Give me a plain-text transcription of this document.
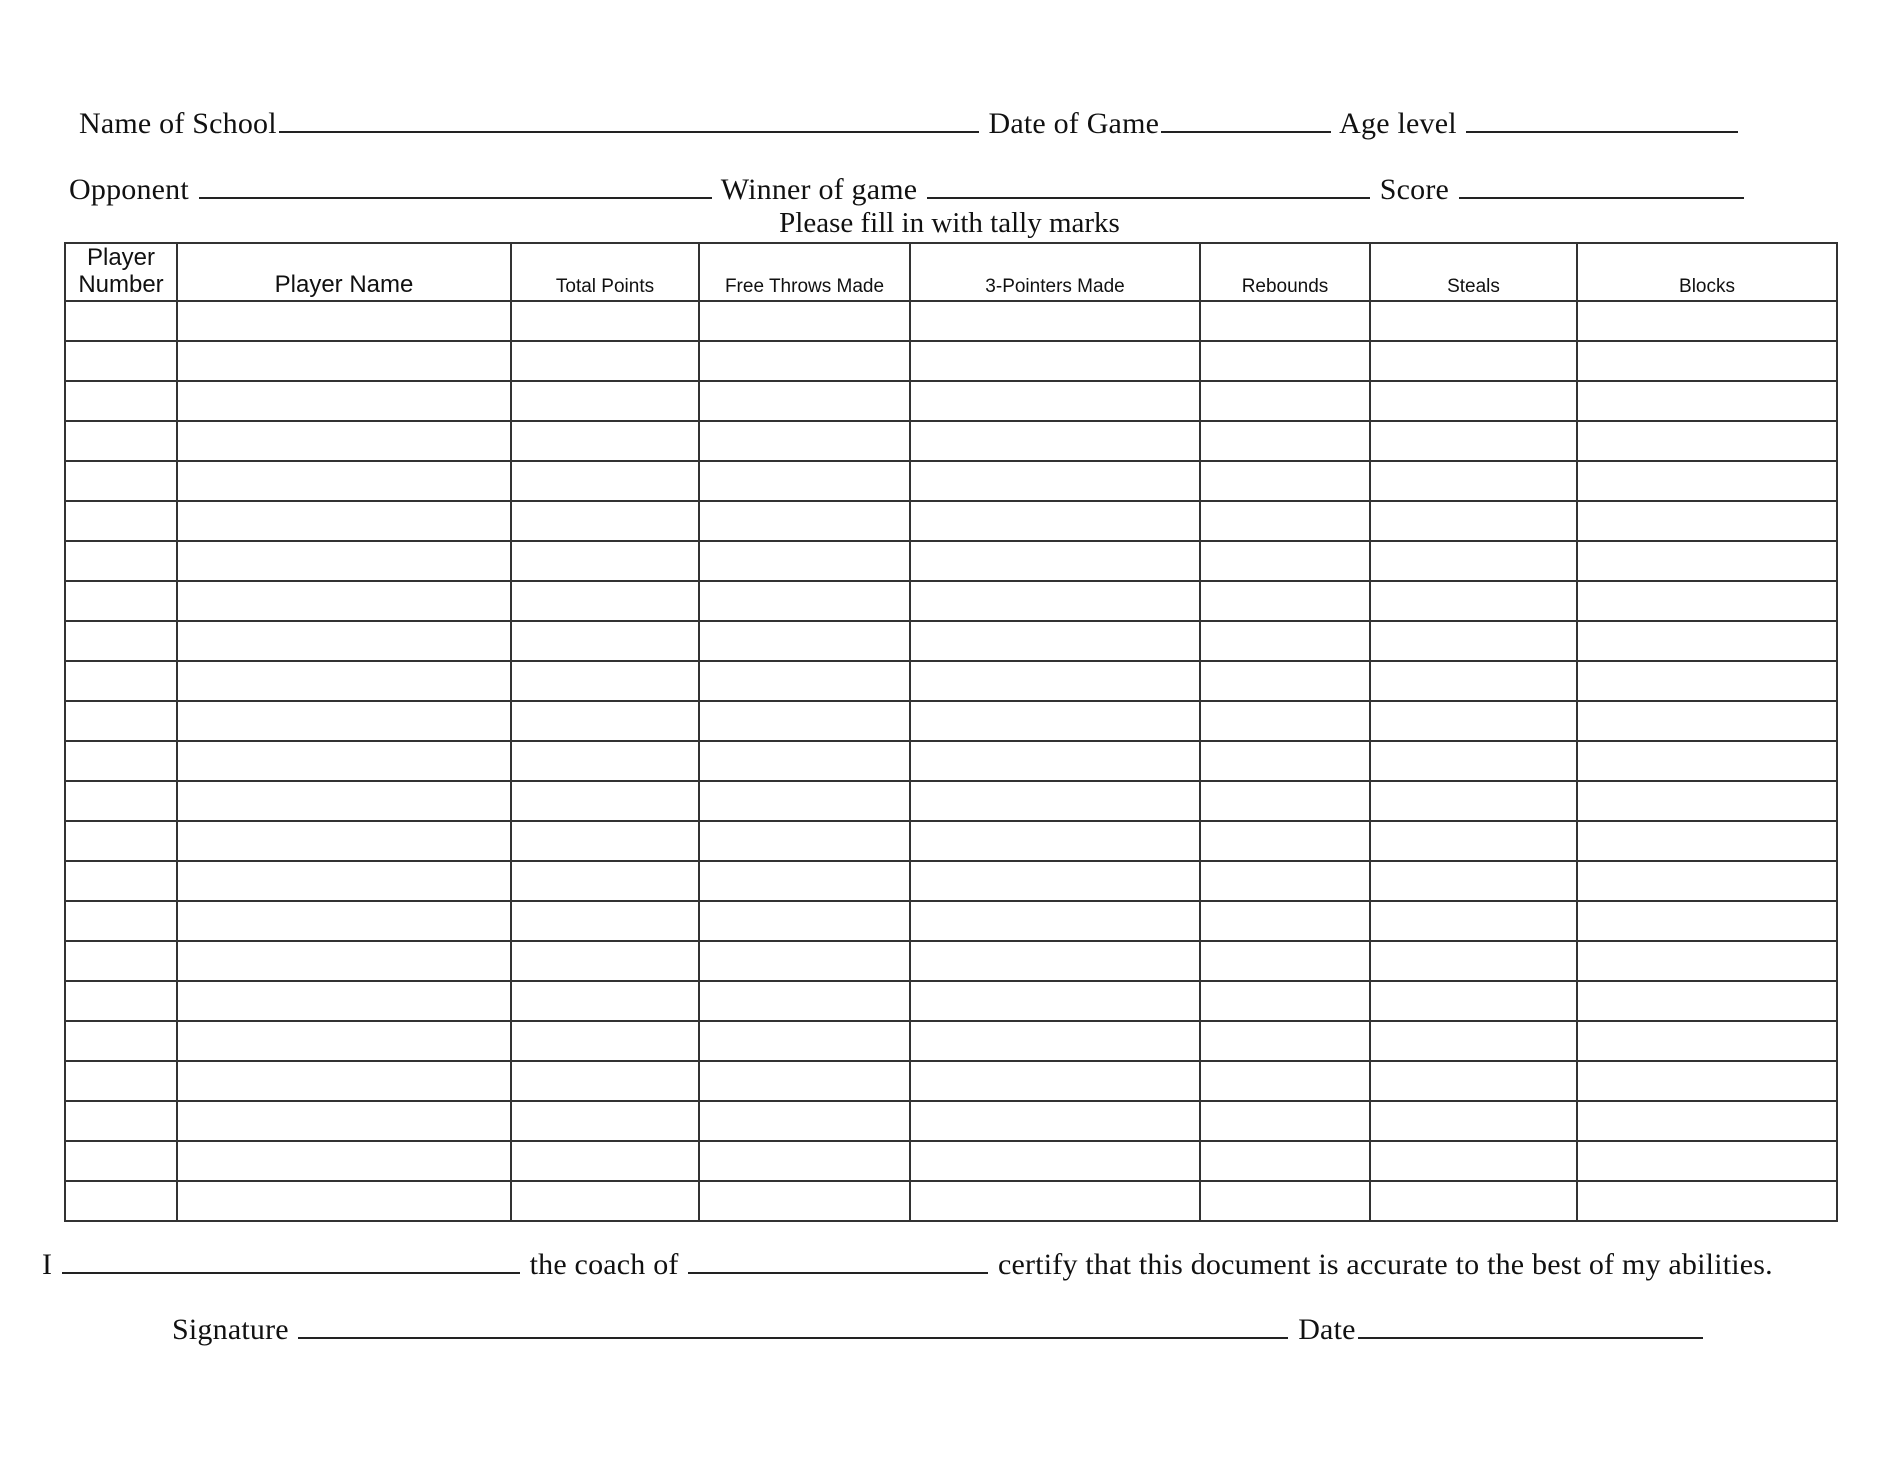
Name of School	Date of Game	Age level
Opponent	Winner of game	Score
Please fill in with tally marks
Player Number	Player Name	Total Points	Free Throws Made	3-Pointers Made	Rebounds	Steals	Blocks

I	the coach of	certify that this document is accurate to the best of my abilities.
Signature	Date
